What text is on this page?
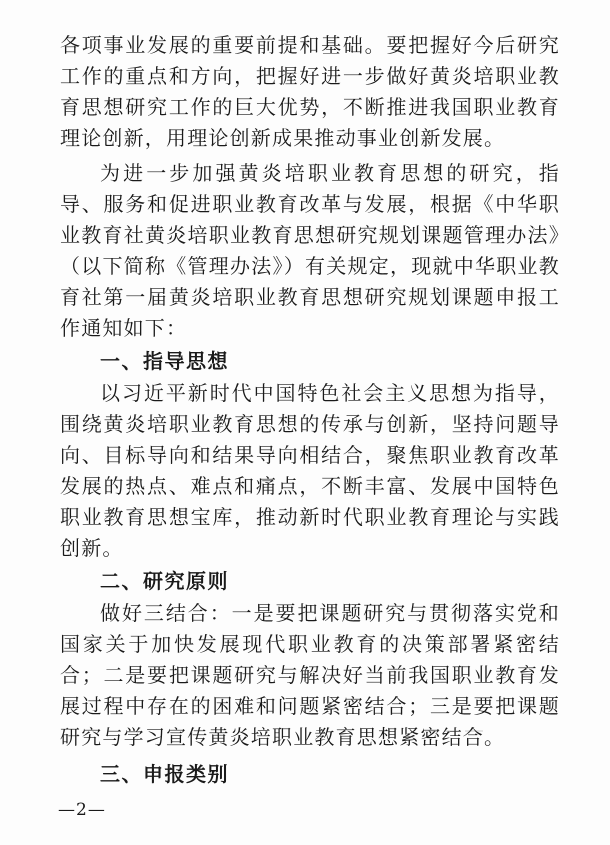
各项事业发展的重要前提和基础。要把握好今后研究工作的重点和方向，把握好进一步做好黄炎培职业教育思想研究工作的巨大优势，不断推进我国职业教育理论创新，用理论创新成果推动事业创新发展。

为进一步加强黄炎培职业教育思想的研究，指导、服务和促进职业教育改革与发展，根据《中华职业教育社黄炎培职业教育思想研究规划课题管理办法》（以下简称《管理办法》）有关规定，现就中华职业教育社第一届黄炎培职业教育思想研究规划课题申报工作通知如下：

一、指导思想

以习近平新时代中国特色社会主义思想为指导，围绕黄炎培职业教育思想的传承与创新，坚持问题导向、目标导向和结果导向相结合，聚焦职业教育改革发展的热点、难点和痛点，不断丰富、发展中国特色职业教育思想宝库，推动新时代职业教育理论与实践创新。

二、研究原则

做好三结合：一是要把课题研究与贯彻落实党和国家关于加快发展现代职业教育的决策部署紧密结合；二是要把课题研究与解决好当前我国职业教育发展过程中存在的困难和问题紧密结合；三是要把课题研究与学习宣传黄炎培职业教育思想紧密结合。

三、申报类别
—2—
